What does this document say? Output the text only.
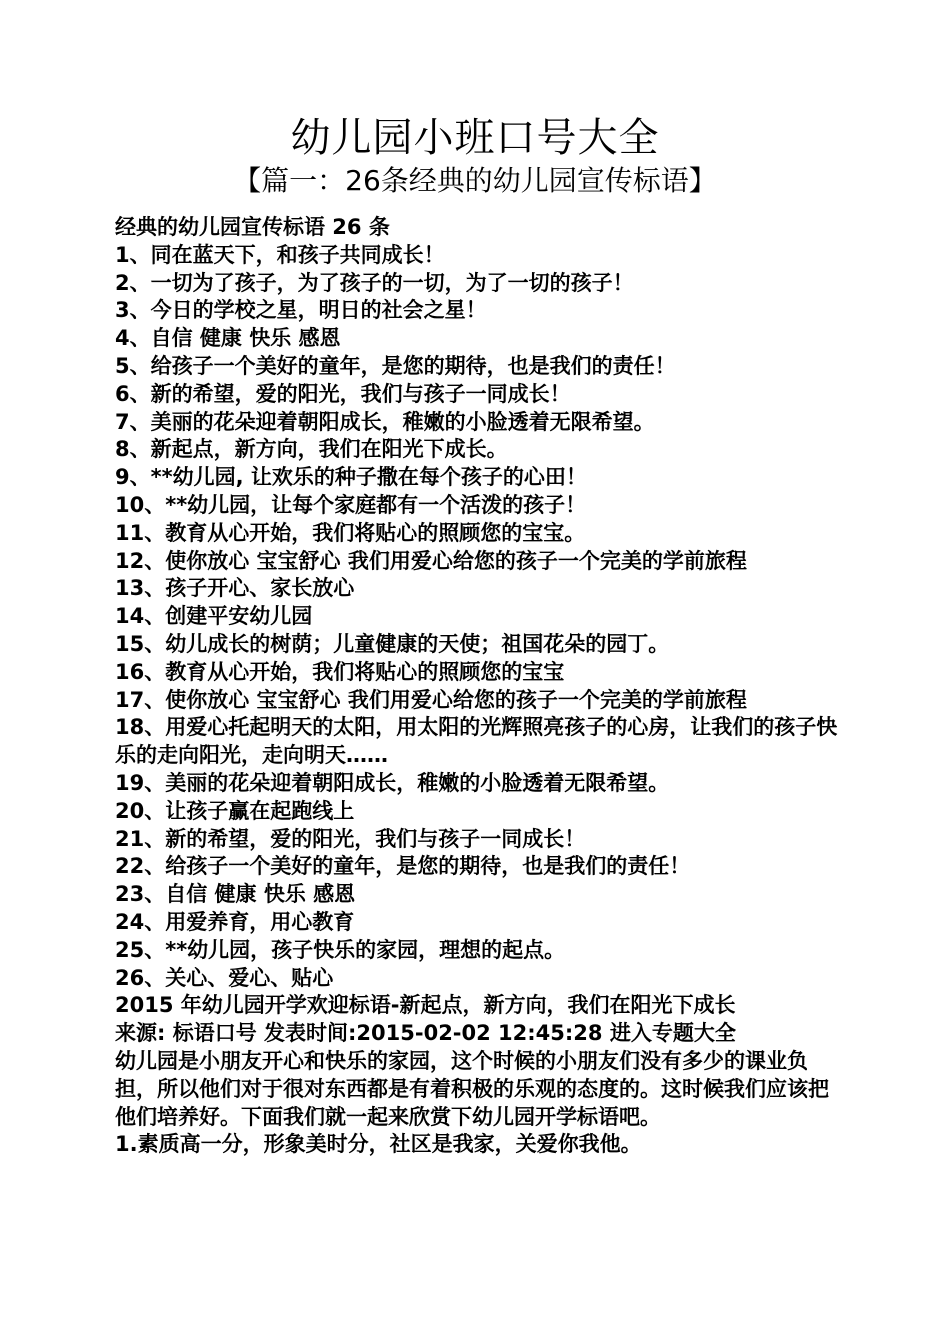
幼儿园小班口号大全
【篇一：26条经典的幼儿园宣传标语】
经典的幼儿园宣传标语 26 条
1、同在蓝天下，和孩子共同成长！
2、一切为了孩子，为了孩子的一切，为了一切的孩子！
3、今日的学校之星，明日的社会之星！
4、自信 健康 快乐 感恩
5、给孩子一个美好的童年，是您的期待，也是我们的责任！
6、新的希望，爱的阳光，我们与孩子一同成长！
7、美丽的花朵迎着朝阳成长，稚嫩的小脸透着无限希望。
8、新起点，新方向，我们在阳光下成长。
9、**幼儿园, 让欢乐的种子撒在每个孩子的心田！
10、**幼儿园，让每个家庭都有一个活泼的孩子！
11、教育从心开始，我们将贴心的照顾您的宝宝。
12、使你放心 宝宝舒心 我们用爱心给您的孩子一个完美的学前旅程
13、孩子开心、家长放心
14、创建平安幼儿园
15、幼儿成长的树荫；儿童健康的天使；祖国花朵的园丁。
16、教育从心开始，我们将贴心的照顾您的宝宝
17、使你放心 宝宝舒心 我们用爱心给您的孩子一个完美的学前旅程
18、用爱心托起明天的太阳，用太阳的光辉照亮孩子的心房，让我们的孩子快
乐的走向阳光，走向明天……
19、美丽的花朵迎着朝阳成长，稚嫩的小脸透着无限希望。
20、让孩子赢在起跑线上
21、新的希望，爱的阳光，我们与孩子一同成长！
22、给孩子一个美好的童年，是您的期待，也是我们的责任！
23、自信 健康 快乐 感恩
24、用爱养育，用心教育
25、**幼儿园，孩子快乐的家园，理想的起点。
26、关心、爱心、贴心
2015 年幼儿园开学欢迎标语-新起点，新方向，我们在阳光下成长
来源: 标语口号 发表时间:2015-02-02 12:45:28 进入专题大全
幼儿园是小朋友开心和快乐的家园，这个时候的小朋友们没有多少的课业负担，所以他们对于很对东西都是有着积极的乐观的态度的。这时候我们应该把他们培养好。下面我们就一起来欣赏下幼儿园开学标语吧。
1.素质高一分，形象美时分，社区是我家，关爱你我他。
